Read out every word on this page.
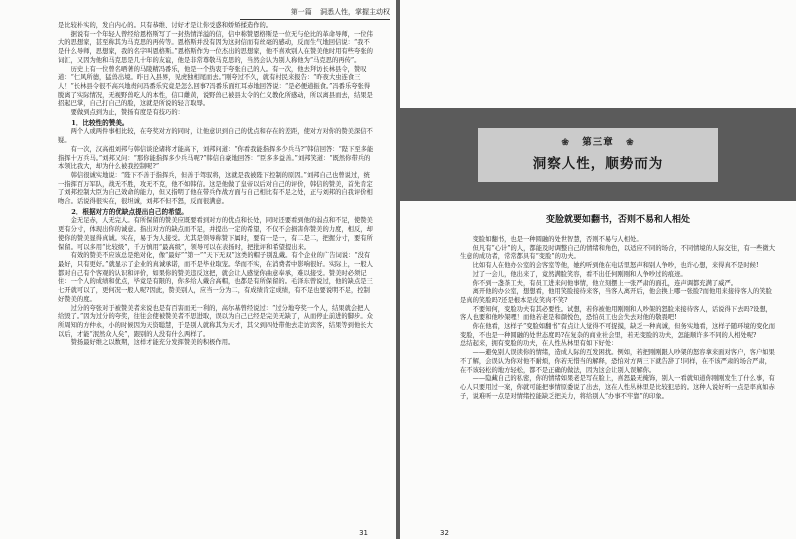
第一篇 洞悉人性，掌握主动权

是比较朴实的，发自内心的。只有恭维、讨好才是让你受惑和娇矫揉造作的。

据说有一个年轻人曾经给恩格斯写了一封热情洋溢的信，信中称赞恩格斯是一位无与伦比的革命导师，一位伟大的思想家，甚至称其为马克思的再传等。恩格斯并没有因为这封信而有丝毫的感动，反而生气地回信说：“我不是什么导师，思想家，我的名字叫恩格斯。”恩格斯作为一位杰出的思想家，他不喜欢别人在赞美他时用有些夸张的词汇，又因为他和马克思是几十年的友谊，他是非常尊敬马克思的，当然会认为别人称他为“马克思的再传”。

历史上有一位曾名晒著的马陵精冯番乐，他是一个热衷于夸张自己的人。有一次，他去拜访长林县令，赞叹道：“仁风所德，猛兽出境。昨日入县界，见虎独相尾而去。”刚夸过不久，就有村民来报告：“昨夜大虫连食三人！”长林县令很不高兴地责问冯番乐究竟是怎么回事?冯番乐面红耳赤地回答说：“是必便道振食。”冯番乐夸张得脱离了实际情况，无视野兽吃人的本性，信口雌黄，说野兽已被县太令的仁义教化所感动，所以离县而去，结果是招起巴掌，自己打自己的脸，这就是所说的轻言取辱。

要做到点到为止，赞扬有度是有技巧的：

1．比较性的赞美。

两个人或两件事相比较，在夸奖对方的同时，让他意识到自己的优点和存在的差距，使对方对你的赞美深信不疑。

有一次，汉高祖刘邦与韩信谈论诸将才能高下，刘邦问道：“你看我能指挥多少兵马?”韩信回答：“陛下至多能指挥十万兵马。”刘邦又问：“那你能指挥多少兵马呢?”韩信自豪地回答：“臣多多益善。”刘邦笑道：“既然你带兵的本领比我大，却为什么被我控制呢?”

韩信很诚实地说：“陛下不善于指挥兵，但善于驾驭将，这就是我被陛下控制的原因。”刘邦自己也曾说过，统一指挥百万军队，战无不胜，攻无不克，他不如韩信。这是他做了皇帝以后对自己的评价，韩信的赞美，首先肯定了刘邦控制大臣为自己效命的能力，但又指明了他在带兵作战方面与自己相比有不足之处，正与刘邦的自我评价相吻合。话说得很实在，很坦诚，刘邦不但不怒，反而很满意。

2．根据对方的优缺点提出自己的希望。

金无足赤，人无完人。有所保留的赞美应既要看到对方的优点和长处，同时还要看到他的弱点和不足，使赞美更有分寸，体现出你的诚意。指出对方的缺点而不足，并提出一定的希望，不仅不会损害你赞美的力度，相反，却使你的赞美显得真诚。实在，易于为人接受。尤其是领导称赞下属时，要有一是一，有二是二，把握分寸，要有所保留。可以多用“比较级”，千万慎用“最高级”，领导可以在表扬时，把批评和希望提出来。

有效的赞美不应该总是绝对化，像“最好”“第一”“天下无双”这类的帽子别乱戴。有个企业的广告词说：“没有最好，只有更好。”就显示了企业的真诚承诺，而不是毕业取宠。华而不实，在消费者中影响很好。实际上，一般人都对自己有个客观的认识和评价，如果你的赞美违反这把，就会让人感觉你曲意奉承，难以接受。赞美时必须记住：一个人的成绩和优点，毕竟是有限的，你多给人戴合高帽，也都是有所保留的。毛泽东曾说过，他的缺点是三七开就可以了，更何况一般人呢?因此，赞美别人，应当一分为二，有成绩肯定成绩，有不足也要说明不足，控制好赞美的度。

过分的夸张对于被赞美者来说也是有百害而无一利的，高尔基曾经说过：“过分地夸奖一个人，结果就会把人给毁了。”因为过分的夸奖，往往会使被赞美者不思进取，误以为自己已经是完美无缺了，从而停止前进的脚步。众所周知的方仲永，小的时候因为天资聪慧，于是别人就称其为天才，其父到四处带他去走访宾客，结果等到他长大以后，才能“泯然众人矣”，跟别的人没有什么两样了。

赞扬最好维之以数期，这样才能充分发挥赞美的积极作用。

31
❀ 第三章 ❀
洞察人性，顺势而为
变脸就要如翻书，否则不易和人相处

变脸如翻书，也是一种圆融的处世智慧，否则不易与人相处。

但凡有“心计”的人，都能及时调整自己的情绪和角色，以适应不同的场合，不同情境的人际交往，有一些微大生意的成功者，常常都具有“变脸”的功夫。

比如有人在他办公室的会客室等他，她约听到他在电话里怒声和别人争吵，也许心想，来得真不是时候!

过了一会儿，他出来了，竟然满脸笑容，看不出任何刚刚和人争吵过的痕迹。

你不到一盏茶工夫，有员工进来问他事情，他立刻摆上一张严肃的面孔，连声调都充满了威严。

离开他的办公室，想想看，他用笑脸接待来客，当客人离开后，他会换上哪一张脸?而他用来接待客人的笑脸是真的笑脸吗?还是根本是皮笑肉不笑?

不要知何，变脸功夫有其必要性。试想，若你被他用刚刚和人吵架的怒脸来接待客人，话说得下去吗?设想，客人也要和他吵架哩！而他若老是和颜悦色，恐怕员工也会失去对他的敬畏吧!

你在他看，这样子“变脸如翻书”有点让人觉得不可捉摸，缺乏一种真诚，但务实地看，这样子随环境的变化而变脸，不也是一种圆融的处世态度吗?在复杂的商业社会里，若无变脸的功夫，怎能顺许多不同的人相处呢?

总结起来，拥有变脸的功夫，在人性丛林里有如下好处：

——避免别人误读你的情绪，造成人际的互发困扰。例如，若把刚刚跟人吵架的怒容拿来面对客户，客户如果不了解，会误认为你对他不耐烦，你若无惜当的解释，恐怕对方两三下就告辞了!同样，在不该严肃的场合严肃，在不该轻松的地方轻松，都不是正确的做法，因为这会让别人误解你。

——隐藏自己的私密，你的情绪如果老是写在脸上，喜怒最无掩饰，别人一看就知道你刚刚发生了什么事，有心人只要用过一案，你就可能把事情原委说了出去，这在人性丛林里是比较犯忌的。这种人说好听一点是率真如赤子，说难听一点是对情绪控能缺乏把关力，将给别人“办事不牢靠”的印象。

32
